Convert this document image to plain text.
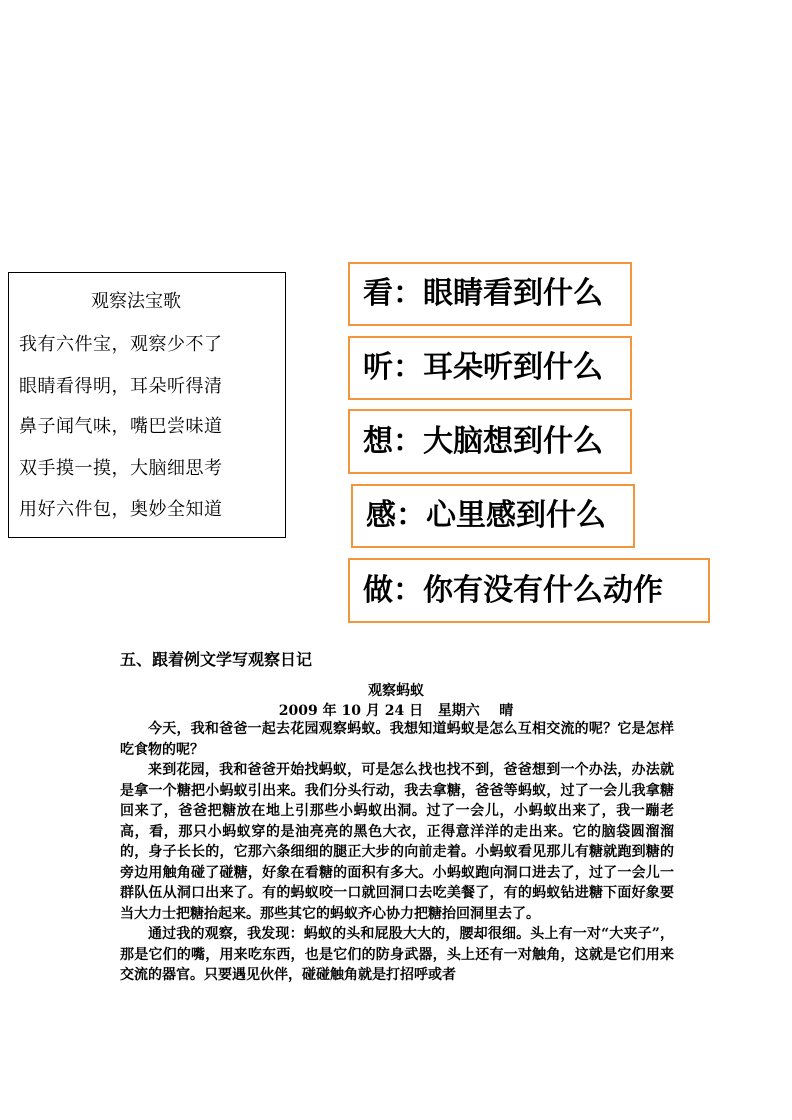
观察法宝歌
我有六件宝，观察少不了
眼睛看得明，耳朵听得清
鼻子闻气味，嘴巴尝味道
双手摸一摸，大脑细思考
用好六件包，奥妙全知道
看：眼睛看到什么
听：耳朵听到什么
想：大脑想到什么
感：心里感到什么
做：你有没有什么动作
五、跟着例文学写观察日记
观察蚂蚁
2009 年 10 月 24 日   星期六    晴

今天，我和爸爸一起去花园观察蚂蚁。我想知道蚂蚁是怎么互相交流的呢？它是怎样吃食物的呢？

来到花园，我和爸爸开始找蚂蚁，可是怎么找也找不到，爸爸想到一个办法，办法就是拿一个糖把小蚂蚁引出来。我们分头行动，我去拿糖，爸爸等蚂蚁，过了一会儿我拿糖回来了，爸爸把糖放在地上引那些小蚂蚁出洞。过了一会儿，小蚂蚁出来了，我一蹦老高，看，那只小蚂蚁穿的是油亮亮的黑色大衣，正得意洋洋的走出来。它的脑袋圆溜溜的，身子长长的，它那六条细细的腿正大步的向前走着。小蚂蚁看见那儿有糖就跑到糖的旁边用触角碰了碰糖，好象在看糖的面积有多大。小蚂蚁跑向洞口进去了，过了一会儿一群队伍从洞口出来了。有的蚂蚁咬一口就回洞口去吃美餐了，有的蚂蚁钻进糖下面好象要当大力士把糖抬起来。那些其它的蚂蚁齐心协力把糖抬回洞里去了。

通过我的观察，我发现：蚂蚁的头和屁股大大的，腰却很细。头上有一对“大夹子”，那是它们的嘴，用来吃东西，也是它们的防身武器，头上还有一对触角，这就是它们用来交流的器官。只要遇见伙伴，碰碰触角就是打招呼或者
